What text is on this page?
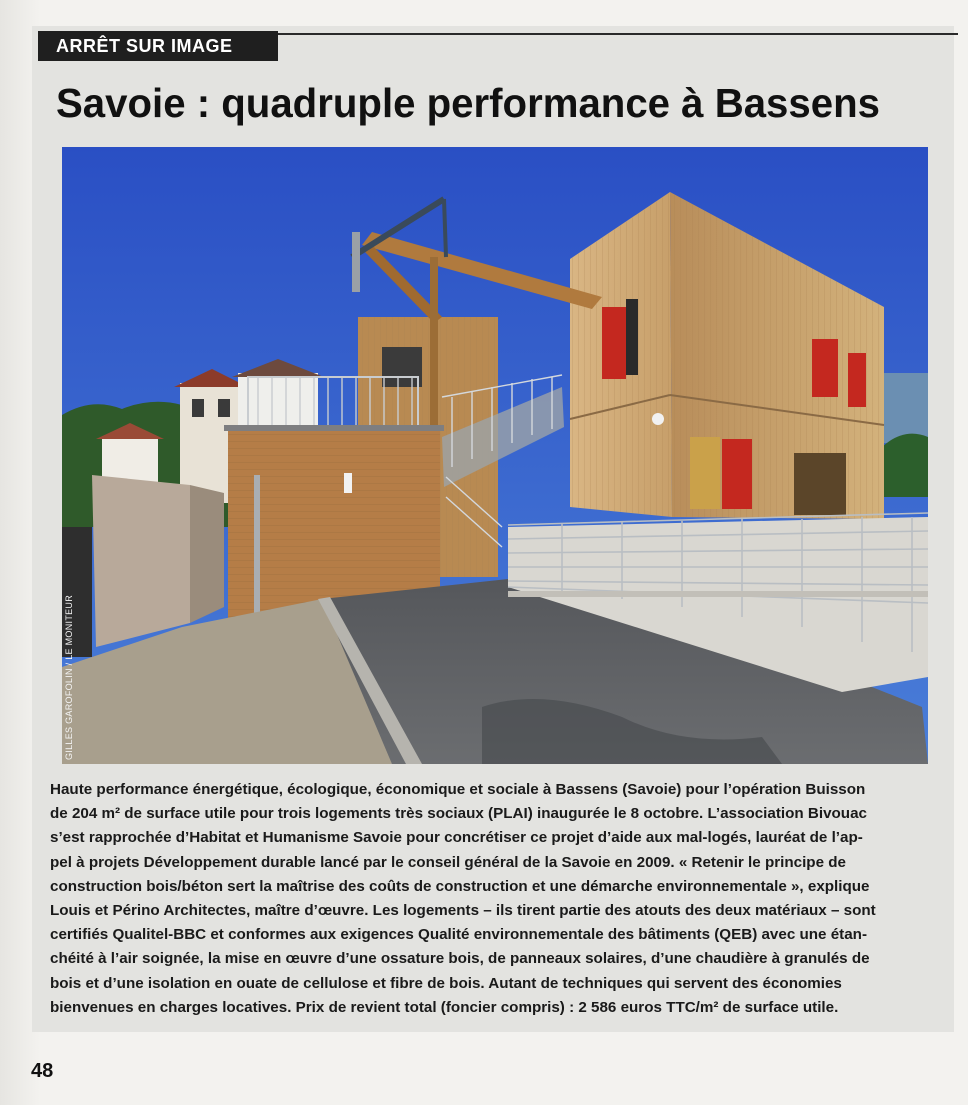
ARRÊT SUR IMAGE
Savoie : quadruple performance à Bassens
GILLES GAROFOLIN / LE MONITEUR

Haute performance énergétique, écologique, économique et sociale à Bassens (Savoie) pour l’opération Buisson
de 204 m² de surface utile pour trois logements très sociaux (PLAI) inaugurée le 8 octobre. L’association Bivouac
s’est rapprochée d’Habitat et Humanisme Savoie pour concrétiser ce projet d’aide aux mal-logés, lauréat de l’ap-
pel à projets Développement durable lancé par le conseil général de la Savoie en 2009. « Retenir le principe de
construction bois/béton sert la maîtrise des coûts de construction et une démarche environnementale », explique
Louis et Périno Architectes, maître d’œuvre. Les logements – ils tirent partie des atouts des deux matériaux – sont
certifiés Qualitel-BBC et conformes aux exigences Qualité environnementale des bâtiments (QEB) avec une étan-
chéité à l’air soignée, la mise en œuvre d’une ossature bois, de panneaux solaires, d’une chaudière à granulés de
bois et d’une isolation en ouate de cellulose et fibre de bois. Autant de techniques qui servent des économies
bienvenues en charges locatives. Prix de revient total (foncier compris) : 2 586 euros TTC/m² de surface utile.

48
